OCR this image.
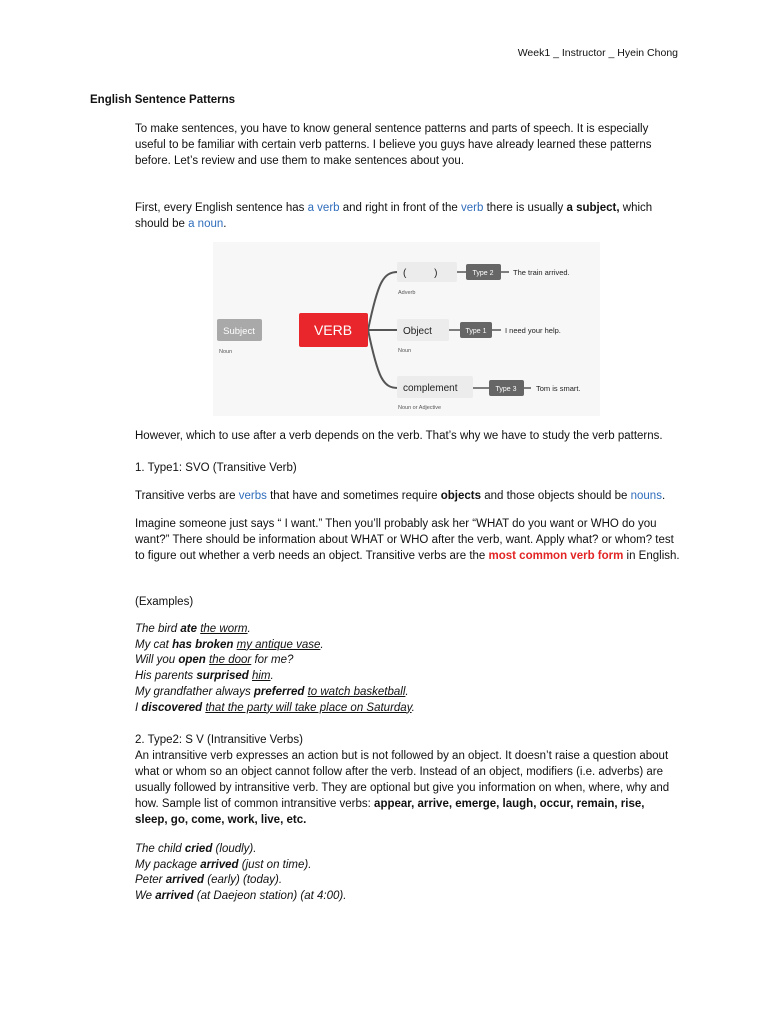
Week1 _ Instructor _ Hyein Chong
English Sentence Patterns
To make sentences, you have to know general sentence patterns and parts of speech. It is especially useful to be familiar with certain verb patterns. I believe you guys have already learned these patterns before. Let’s review and use them to make sentences about you.
First, every English sentence has a verb and right in front of the verb there is usually a subject, which should be a noun.
Subject
Noun
VERB
(          )
Adverb
Type 2	The train arrived.
Object
Noun
Type 1 I need your help.
complement
Noun or Adjective
Type 3	Tom is smart.
However, which to use after a verb depends on the verb. That’s why we have to study the verb patterns.
1. Type1: SVO (Transitive Verb)
Transitive verbs are verbs that have and sometimes require objects and those objects should be nouns.
Imagine someone just says “ I want.” Then you’ll probably ask her “WHAT do you want or WHO do you want?” There should be information about WHAT or WHO after the verb, want. Apply what? or whom? test to figure out whether a verb needs an object. Transitive verbs are the most common verb form in English.
(Examples)

The bird ate the worm.

My cat has broken my antique vase.

Will you open the door for me?

His parents surprised him.

My grandfather always preferred to watch basketball.

I discovered that the party will take place on Saturday.

2. Type2: S V (Intransitive Verbs)
An intransitive verb expresses an action but is not followed by an object. It doesn’t raise a question about what or whom so an object cannot follow after the verb. Instead of an object, modifiers (i.e. adverbs) are usually followed by intransitive verb. They are optional but give you information on when, where, why and how. Sample list of common intransitive verbs: appear, arrive, emerge, laugh, occur, remain, rise, sleep, go, come, work, live, etc.

The child cried (loudly).

My package arrived (just on time).

Peter arrived (early) (today).

We arrived (at Daejeon station) (at 4:00).
